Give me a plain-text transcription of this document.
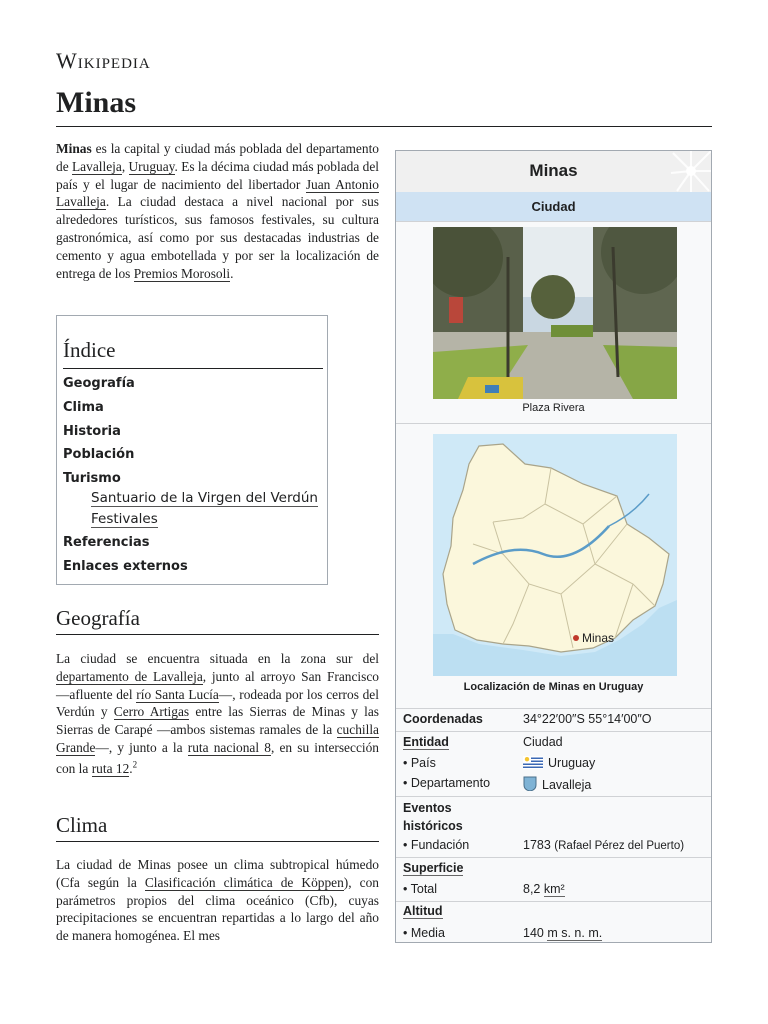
Wikipedia
Minas

Minas es la capital y ciudad más poblada del departamento de Lavalleja, Uruguay. Es la décima ciudad más poblada del país y el lugar de nacimiento del libertador Juan Antonio Lavalleja. La ciudad destaca a nivel nacional por sus alrededores turísticos, sus famosos festivales, su cultura gastronómica, así como por sus destacadas industrias de cemento y agua embotellada y por ser la localización de entrega de los Premios Morosoli.

Índice
Geografía
Clima
Historia
Población
Turismo
Santuario de la Virgen del Verdún
Festivales
Referencias
Enlaces externos
Geografía
La ciudad se encuentra situada en la zona sur del departamento de Lavalleja, junto al arroyo San Francisco —afluente del río Santa Lucía—, rodeada por los cerros del Verdún y Cerro Artigas entre las Sierras de Minas y las Sierras de Carapé —ambos sistemas ramales de la cuchilla Grande—, y junto a la ruta nacional 8, en su intersección con la ruta 12.$^2$
Clima
La ciudad de Minas posee un clima subtropical húmedo (Cfa según la Clasificación climática de Köppen), con parámetros propios del clima oceánico (Cfb), cuyas precipitaciones se encuentran repartidas a lo largo del año de manera homogénea. El mes
Minas
Ciudad
Plaza Rivera
Minas
Localización de Minas en Uruguay
Coordenadas	34°22′00″S 55°14′00″O
Entidad	Ciudad
• País	Uruguay
• Departamento	Lavalleja
Eventos históricos
• Fundación	1783 (Rafael Pérez del Puerto)
Superficie
• Total	8,2 km²
Altitud
• Media	140 m s. n. m.
